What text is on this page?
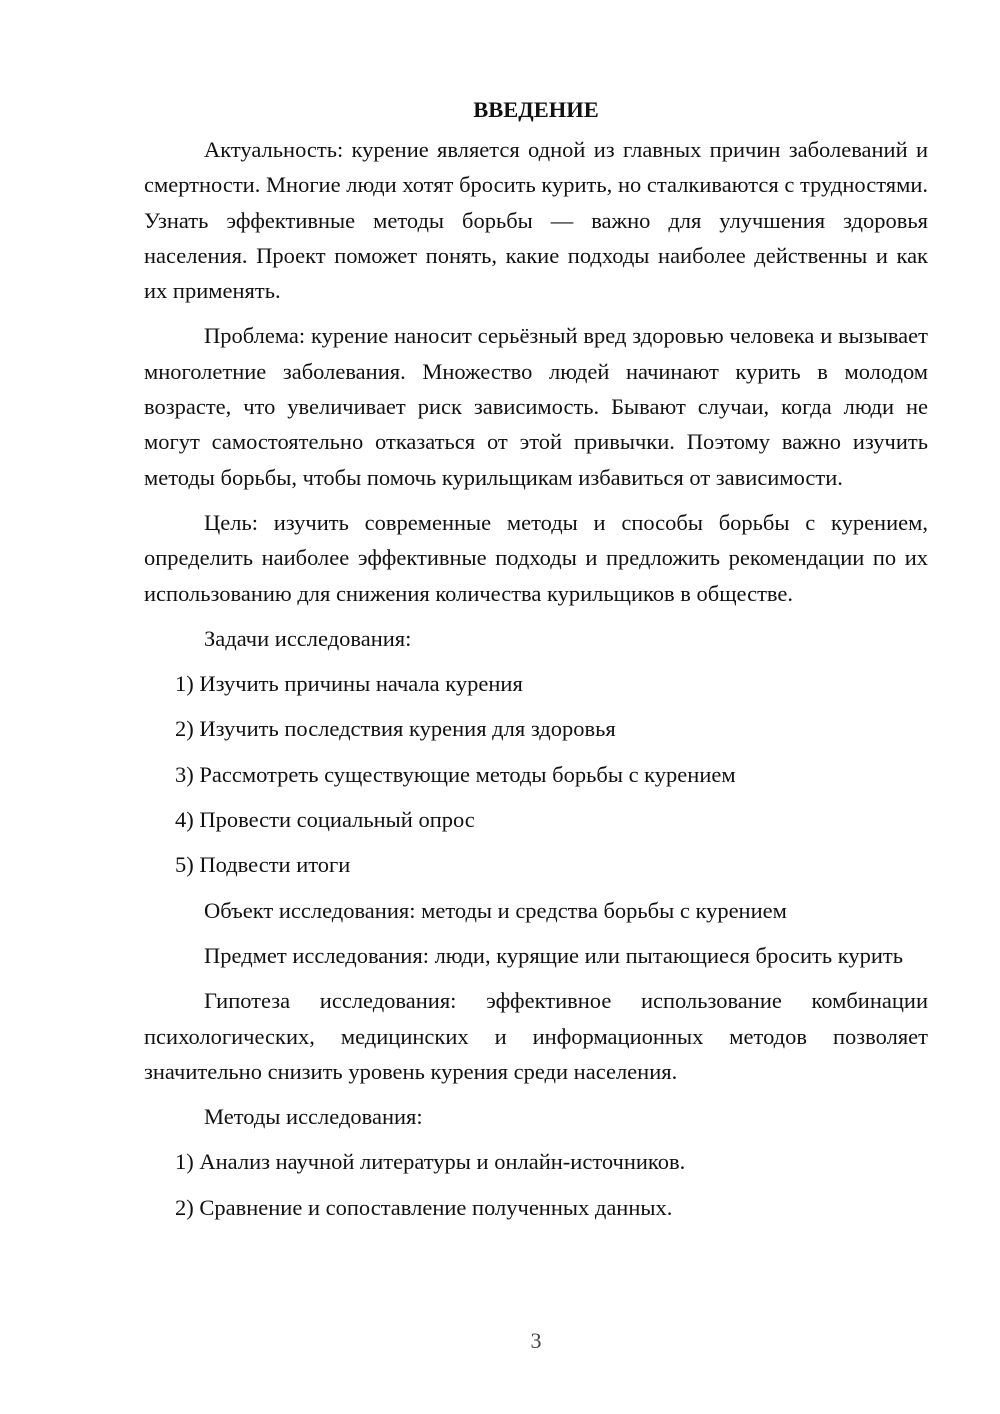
ВВЕДЕНИЕ

Актуальность: курение является одной из главных причин заболеваний и смертности. Многие люди хотят бросить курить, но сталкиваются с трудностями. Узнать эффективные методы борьбы — важно для улучшения здоровья населения. Проект поможет понять, какие подходы наиболее действенны и как их применять.

Проблема: курение наносит серьёзный вред здоровью человека и вызывает многолетние заболевания. Множество людей начинают курить в молодом возрасте, что увеличивает риск зависимость. Бывают случаи, когда люди не могут самостоятельно отказаться от этой привычки. Поэтому важно изучить методы борьбы, чтобы помочь курильщикам избавиться от зависимости.

Цель: изучить современные методы и способы борьбы с курением, определить наиболее эффективные подходы и предложить рекомендации по их использованию для снижения количества курильщиков в обществе.

Задачи исследования:
1) Изучить причины начала курения
2) Изучить последствия курения для здоровья
3) Рассмотреть существующие методы борьбы с курением
4) Провести социальный опрос
5) Подвести итоги
Объект исследования: методы и средства борьбы с курением

Предмет исследования: люди, курящие или пытающиеся бросить курить

Гипотеза исследования: эффективное использование комбинации психологических, медицинских и информационных методов позволяет значительно снизить уровень курения среди населения.

Методы исследования:
1) Анализ научной литературы и онлайн-источников.
2) Сравнение и сопоставление полученных данных.
3
